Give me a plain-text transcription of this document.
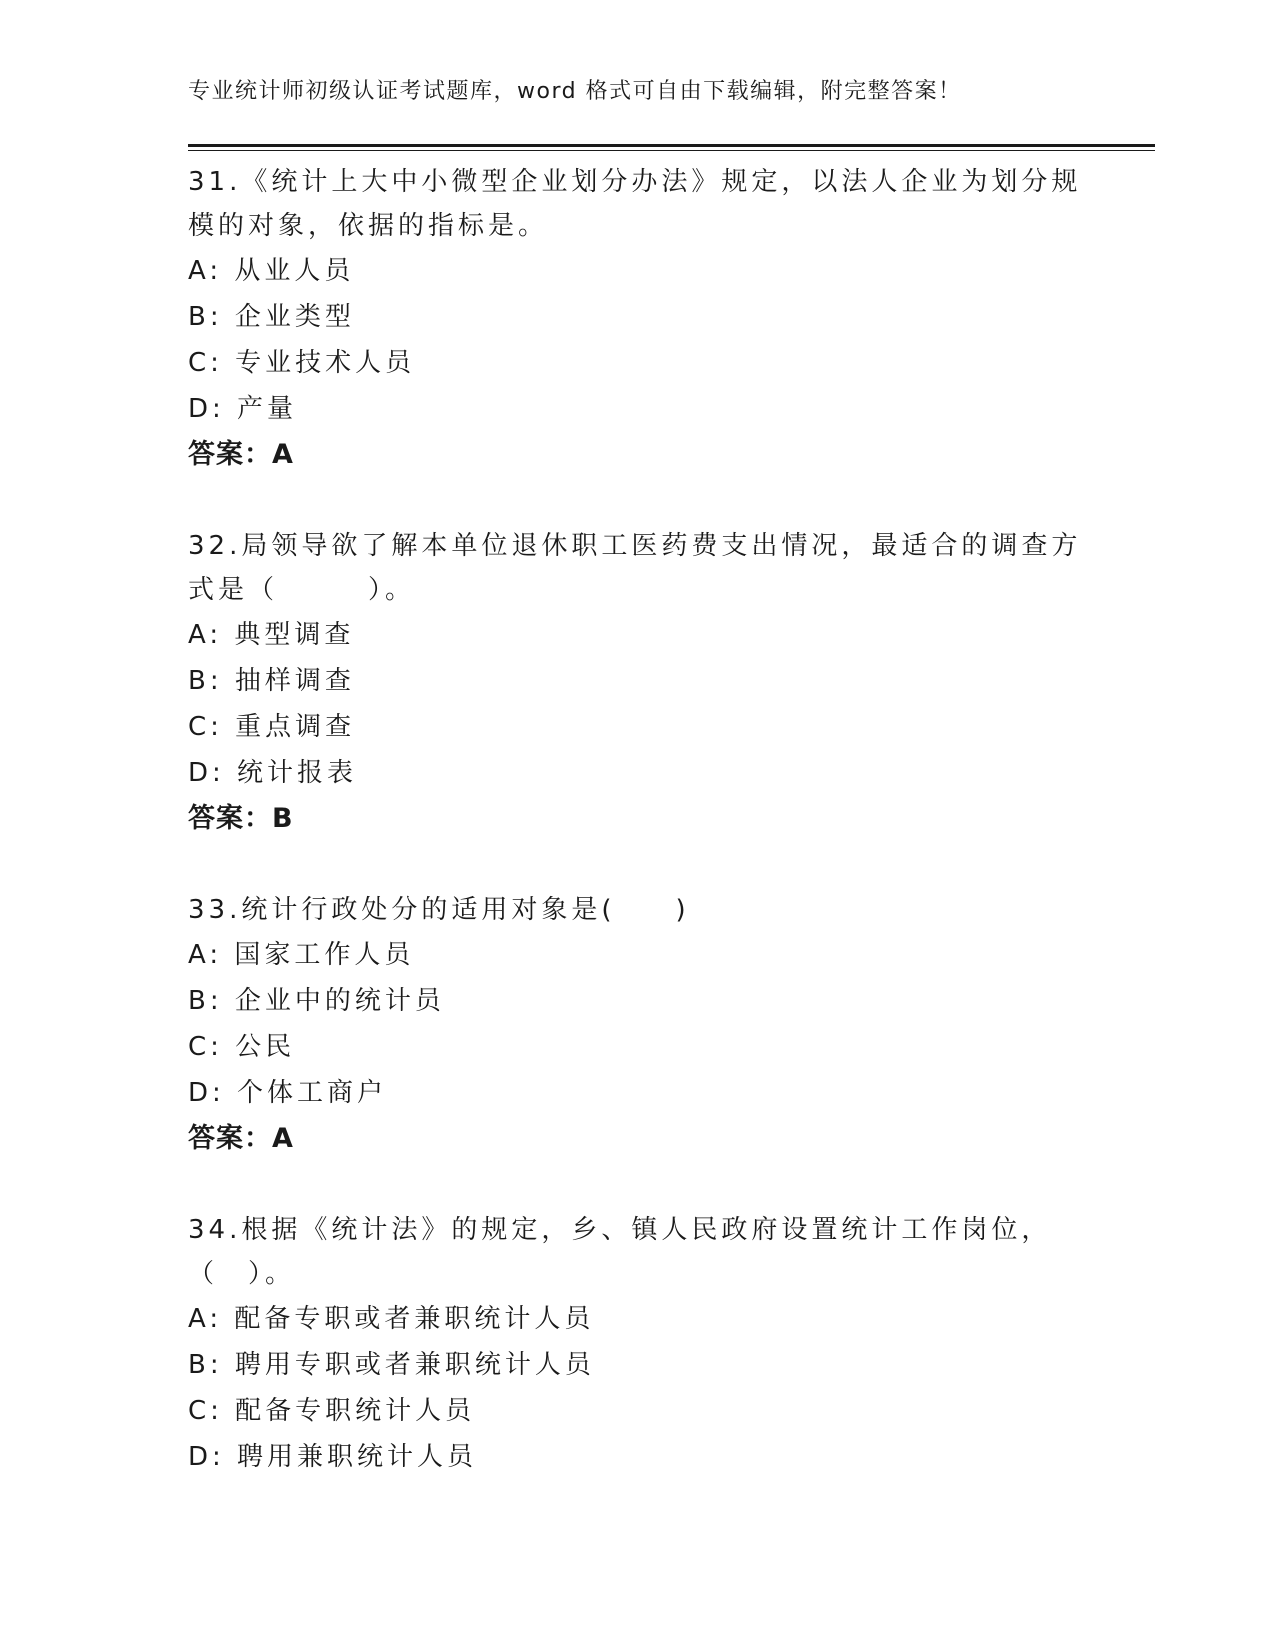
专业统计师初级认证考试题库，word 格式可自由下载编辑，附完整答案！

31.《统计上大中小微型企业划分办法》规定，以法人企业为划分规模的对象，依据的指标是。

A: 从业人员

B: 企业类型

C: 专业技术人员

D: 产量

答案：A

32.局领导欲了解本单位退休职工医药费支出情况，最适合的调查方式是（　　　）。

A: 典型调查

B: 抽样调查

C: 重点调查

D: 统计报表

答案：B

33.统计行政处分的适用对象是(　　)

A: 国家工作人员

B: 企业中的统计员

C: 公民

D: 个体工商户

答案：A

34.根据《统计法》的规定，乡、镇人民政府设置统计工作岗位，（　）。

A: 配备专职或者兼职统计人员

B: 聘用专职或者兼职统计人员

C: 配备专职统计人员

D: 聘用兼职统计人员
